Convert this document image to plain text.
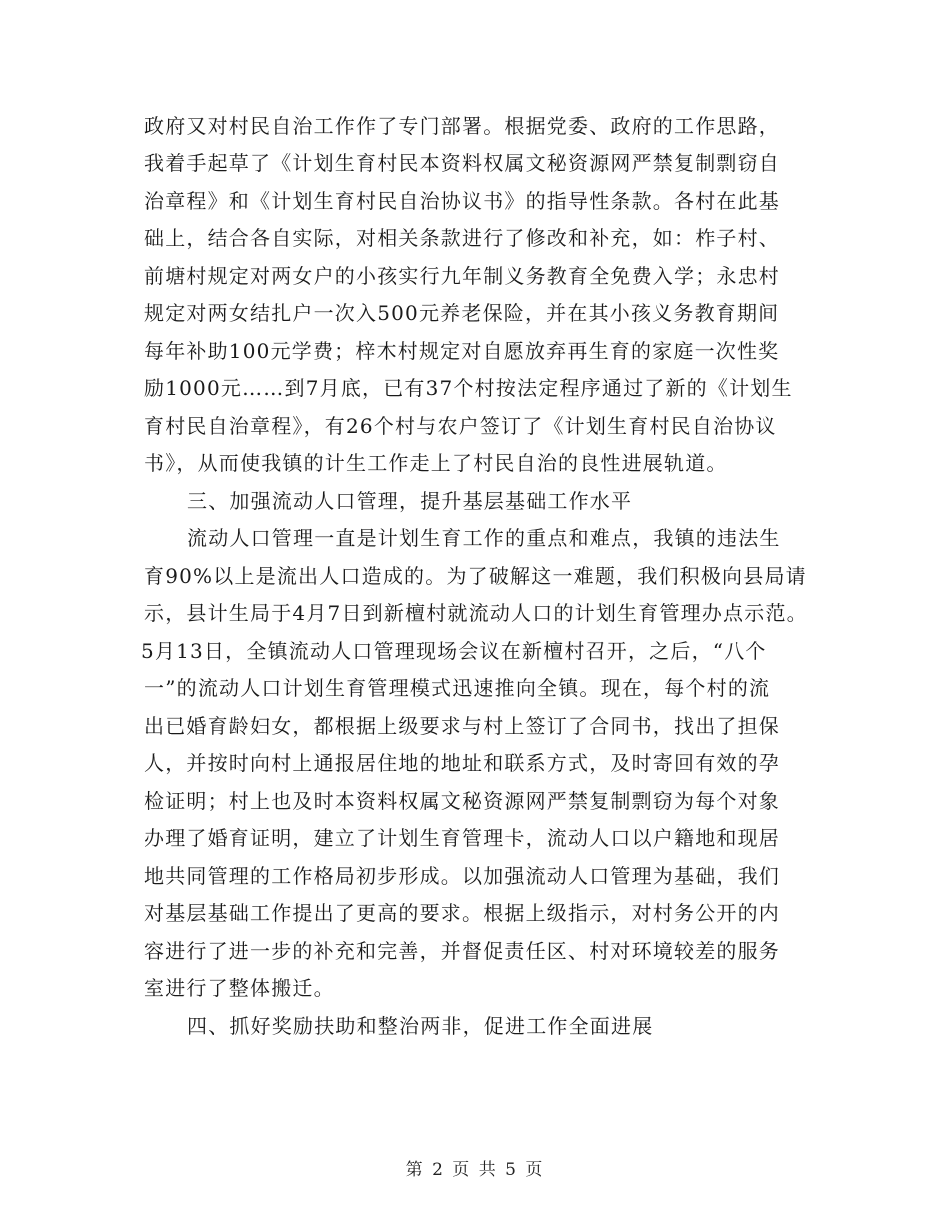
政府又对村民自治工作作了专门部署。根据党委、政府的工作思路，
我着手起草了《计划生育村民本资料权属文秘资源网严禁复制剽窃自
治章程》和《计划生育村民自治协议书》的指导性条款。各村在此基
础上，结合各自实际，对相关条款进行了修改和补充，如：柞子村、
前塘村规定对两女户的小孩实行九年制义务教育全免费入学；永忠村
规定对两女结扎户一次入500元养老保险，并在其小孩义务教育期间
每年补助100元学费；梓木村规定对自愿放弃再生育的家庭一次性奖
励1000元……到7月底，已有37个村按法定程序通过了新的《计划生
育村民自治章程》，有26个村与农户签订了《计划生育村民自治协议
书》，从而使我镇的计生工作走上了村民自治的良性进展轨道。
三、加强流动人口管理，提升基层基础工作水平
流动人口管理一直是计划生育工作的重点和难点，我镇的违法生
育90%以上是流出人口造成的。为了破解这一难题，我们积极向县局请
示，县计生局于4月7日到新檀村就流动人口的计划生育管理办点示范。
5月13日，全镇流动人口管理现场会议在新檀村召开，之后，“八个
一”的流动人口计划生育管理模式迅速推向全镇。现在，每个村的流
出已婚育龄妇女，都根据上级要求与村上签订了合同书，找出了担保
人，并按时向村上通报居住地的地址和联系方式，及时寄回有效的孕
检证明；村上也及时本资料权属文秘资源网严禁复制剽窃为每个对象
办理了婚育证明，建立了计划生育管理卡，流动人口以户籍地和现居
地共同管理的工作格局初步形成。以加强流动人口管理为基础，我们
对基层基础工作提出了更高的要求。根据上级指示，对村务公开的内
容进行了进一步的补充和完善，并督促责任区、村对环境较差的服务
室进行了整体搬迁。
四、抓好奖励扶助和整治两非，促进工作全面进展
第 2 页 共 5 页
